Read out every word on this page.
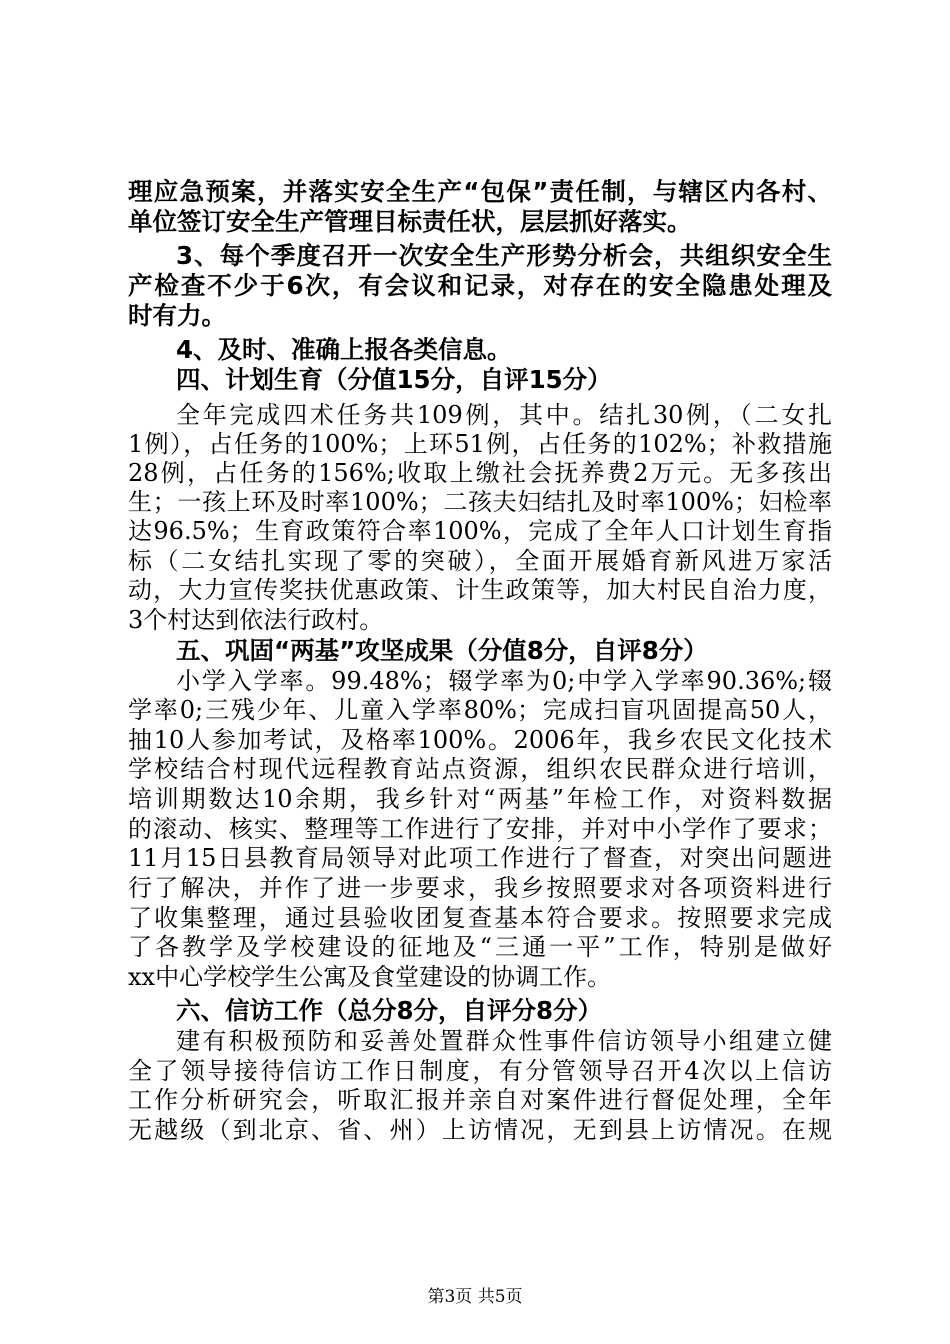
理应急预案，并落实安全生产“包保”责任制，与辖区内各村、
单位签订安全生产管理目标责任状，层层抓好落实。
3、每个季度召开一次安全生产形势分析会，共组织安全生
产检查不少于6次，有会议和记录，对存在的安全隐患处理及
时有力。
4、及时、准确上报各类信息。
四、计划生育（分值15分，自评15分）
全年完成四术任务共109例，其中。结扎30例，（二女扎
1例），占任务的100%；上环51例，占任务的102%；补救措施
28例，占任务的156%;收取上缴社会抚养费2万元。无多孩出
生；一孩上环及时率100%；二孩夫妇结扎及时率100%；妇检率
达96.5%；生育政策符合率100%，完成了全年人口计划生育指
标（二女结扎实现了零的突破），全面开展婚育新风进万家活
动，大力宣传奖扶优惠政策、计生政策等，加大村民自治力度，
3个村达到依法行政村。
五、巩固“两基”攻坚成果（分值8分，自评8分）
小学入学率。99.48%；辍学率为0;中学入学率90.36%;辍
学率0;三残少年、儿童入学率80%；完成扫盲巩固提高50人，
抽10人参加考试，及格率100%。2006年，我乡农民文化技术
学校结合村现代远程教育站点资源，组织农民群众进行培训，
培训期数达10余期，我乡针对“两基”年检工作，对资料数据
的滚动、核实、整理等工作进行了安排，并对中小学作了要求；
11月15日县教育局领导对此项工作进行了督查，对突出问题进
行了解决，并作了进一步要求，我乡按照要求对各项资料进行
了收集整理，通过县验收团复查基本符合要求。按照要求完成
了各教学及学校建设的征地及“三通一平”工作，特别是做好
xx中心学校学生公寓及食堂建设的协调工作。
六、信访工作（总分8分，自评分8分）
建有积极预防和妥善处置群众性事件信访领导小组建立健
全了领导接待信访工作日制度，有分管领导召开4次以上信访
工作分析研究会，听取汇报并亲自对案件进行督促处理，全年
无越级（到北京、省、州）上访情况，无到县上访情况。在规
第3页 共5页
